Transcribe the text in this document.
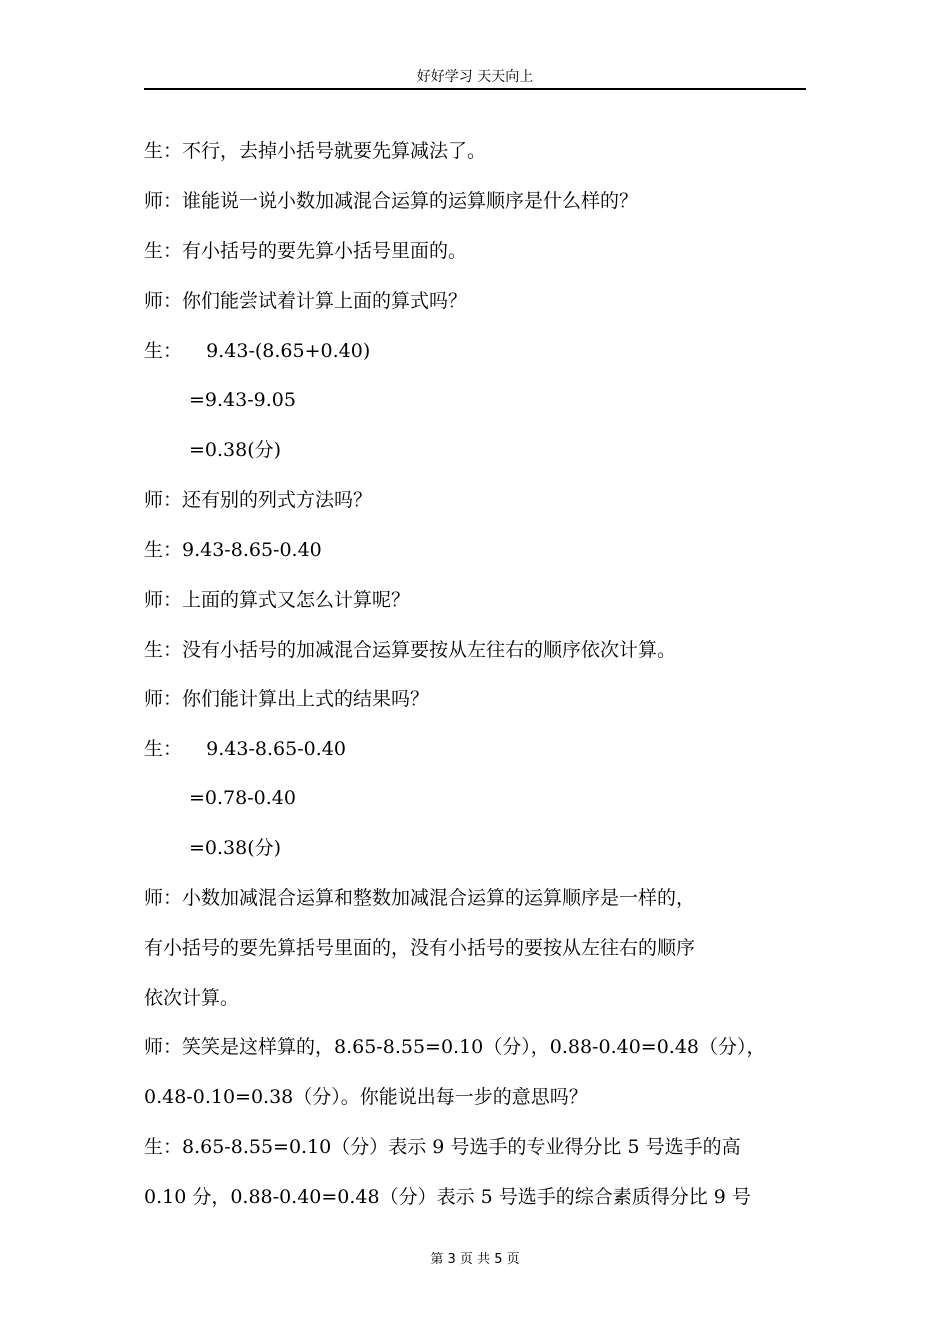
好好学习 天天向上
生：不行，去掉小括号就要先算减法了。
师：谁能说一说小数加减混合运算的运算顺序是什么样的？
生：有小括号的要先算小括号里面的。
师：你们能尝试着计算上面的算式吗？
生：    9.43-(8.65+0.40)
=9.43-9.05
=0.38(分)
师：还有别的列式方法吗？
生：9.43-8.65-0.40
师：上面的算式又怎么计算呢？
生：没有小括号的加减混合运算要按从左往右的顺序依次计算。
师：你们能计算出上式的结果吗？
生：    9.43-8.65-0.40
=0.78-0.40
=0.38(分)
师：小数加减混合运算和整数加减混合运算的运算顺序是一样的，
有小括号的要先算括号里面的，没有小括号的要按从左往右的顺序
依次计算。
师：笑笑是这样算的，8.65-8.55=0.10（分），0.88-0.40=0.48（分），
0.48-0.10=0.38（分）。你能说出每一步的意思吗？
生：8.65-8.55=0.10（分）表示 9 号选手的专业得分比 5 号选手的高
0.10 分，0.88-0.40=0.48（分）表示 5 号选手的综合素质得分比 9 号
第 3 页 共 5 页
